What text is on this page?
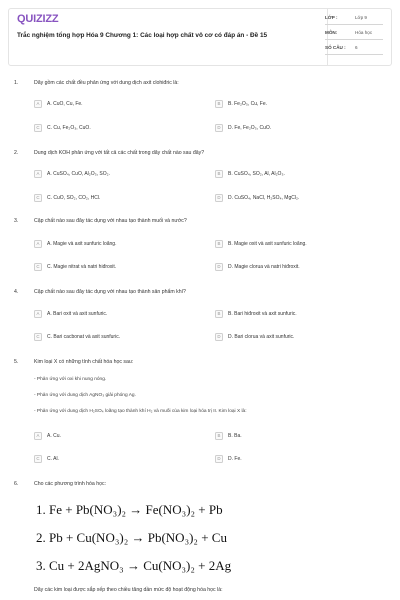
QUIZIZZ
Trắc nghiệm tổng hợp Hóa 9 Chương 1: Các loại hợp chất vô cơ có đáp án - Đề 15
LỚP :	Lớp 9
MÔN:	Hóa học
SỐ CÂU : 6
1.	Dãy gồm các chất đều phản ứng với dung dịch axit clohiđric là:
A	A. CuO, Cu, Fe.	B	B. Fe₂O₃, Cu, Fe.
C	C. Cu, Fe₂O₃, CuO.	D	D. Fe, Fe₂O₃, CuO.
2.	Dung dịch KOH phản ứng với tất cả các chất trong dãy chất nào sau đây?
A	A. CuSO₄, CuO, Al₂O₃, SO₂.	B	B. CuSO₄, SO₂, Al, Al₂O₃.
C	C. CuO, SO₂, CO₂, HCl.	D	D. CuSO₄, NaCl, H₂SO₄, MgCl₂.
3.	Cặp chất nào sau đây tác dụng với nhau tạo thành muối và nước?
A	A. Magie và axit sunfuric loãng.	B	B. Magie oxit và axit sunfuric loãng.
C	C. Magie nitrat và natri hiđroxit.	D	D. Magie clorua và natri hiđroxit.
4.	Cặp chất nào sau đây tác dụng với nhau tạo thành sản phẩm khí?
A	A. Bari oxit và axit sunfuric.	B	B. Bari hiđroxit và axit sunfuric.
C	C. Bari cacbonat và axit sunfuric.	D	D. Bari clorua và axit sunfuric.
5.	Kim loại X có những tính chất hóa học sau:
- Phản ứng với oxi khi nung nóng.
- Phản ứng với dung dịch AgNO₃ giải phóng Ag.
- Phản ứng với dung dịch H₂SO₄ loãng tạo thành khí H₂ và muối của kim loại hóa trị II. Kim loại X là:
A	A. Cu.	B	B. Ba.
C	C. Al.	D	D. Fe.
6.	Cho các phương trình hóa học:
1. Fe + Pb(NO₃)₂ → Fe(NO₃)₂ + Pb
2. Pb + Cu(NO₃)₂ → Pb(NO₃)₂ + Cu
3. Cu + 2AgNO₃ → Cu(NO₃)₂ + 2Ag
Dãy các kim loại được sắp xếp theo chiều tăng dần mức độ hoạt động hóa học là:
